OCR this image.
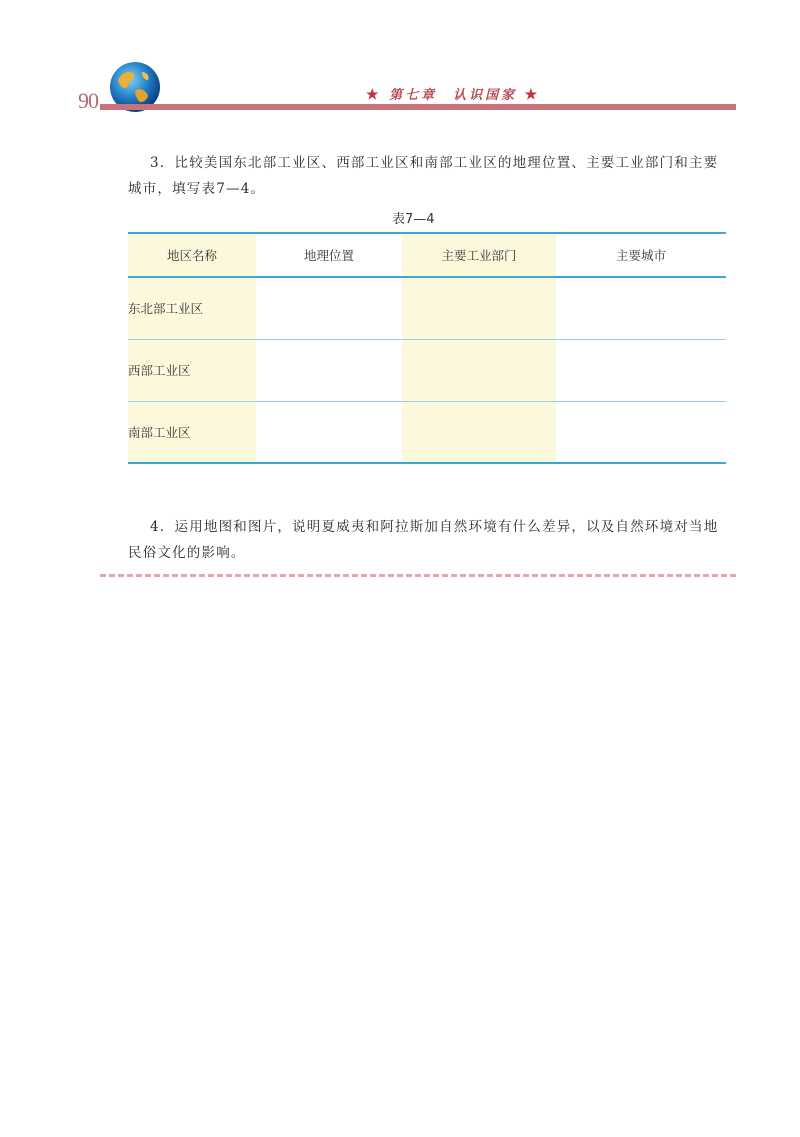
90	★ 第七章　认识国家 ★

3．比较美国东北部工业区、西部工业区和南部工业区的地理位置、主要工业部门和主要城市，填写表7—4。

表7—4
地区名称	地理位置	主要工业部门	主要城市
东北部工业区			
西部工业区			
南部工业区			

4．运用地图和图片，说明夏威夷和阿拉斯加自然环境有什么差异，以及自然环境对当地民俗文化的影响。
